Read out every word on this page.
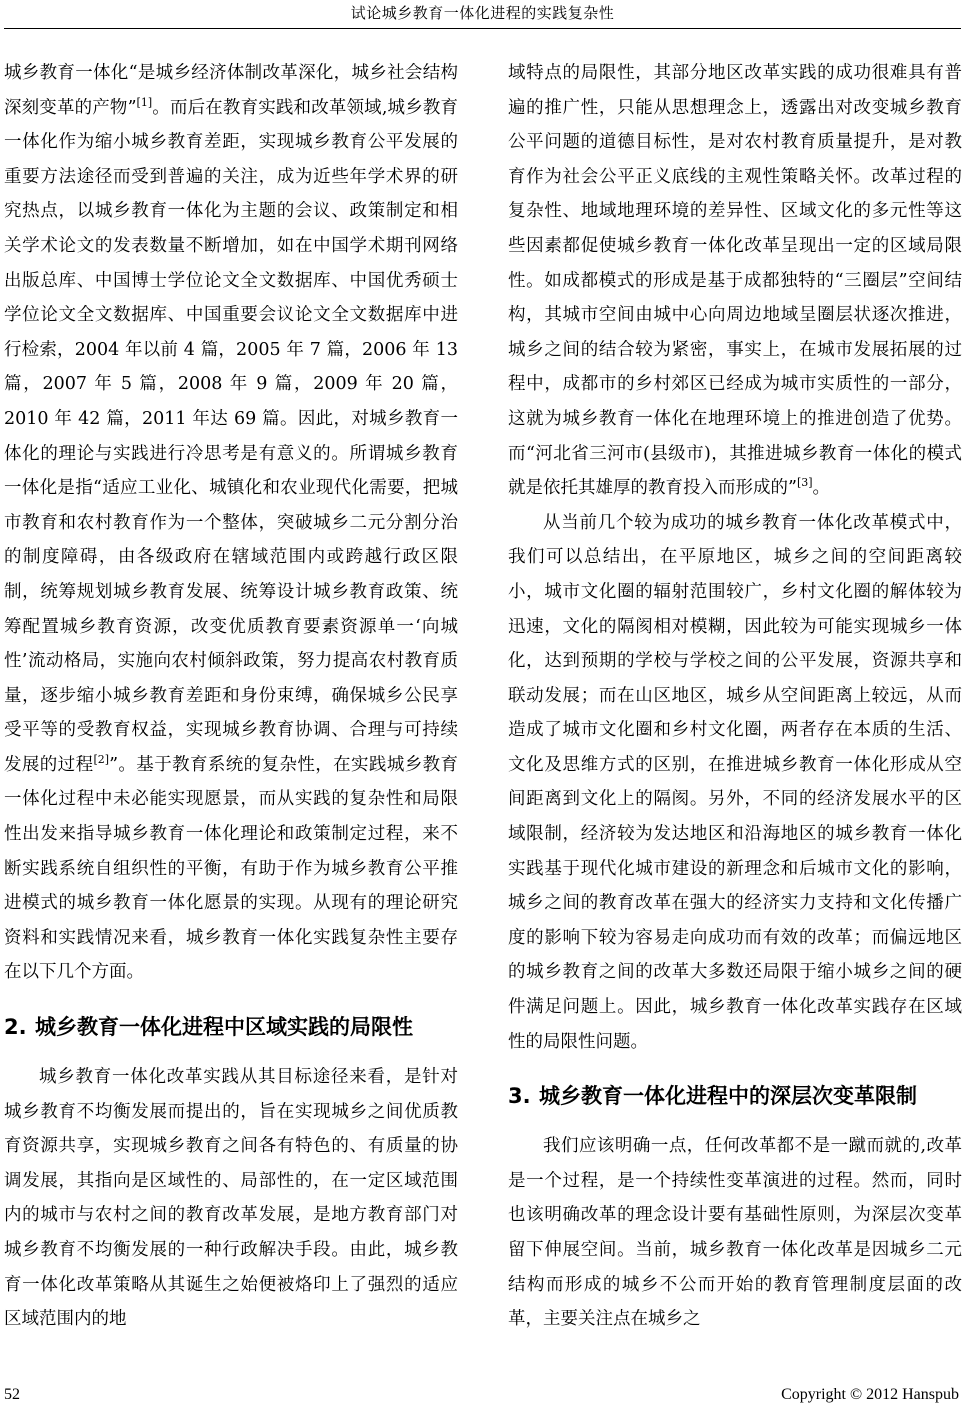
试论城乡教育一体化进程的实践复杂性

城乡教育一体化“是城乡经济体制改革深化，城乡社会结构深刻变革的产物”[1]。而后在教育实践和改革领域,城乡教育一体化作为缩小城乡教育差距，实现城乡教育公平发展的重要方法途径而受到普遍的关注，成为近些年学术界的研究热点，以城乡教育一体化为主题的会议、政策制定和相关学术论文的发表数量不断增加，如在中国学术期刊网络出版总库、中国博士学位论文全文数据库、中国优秀硕士学位论文全文数据库、中国重要会议论文全文数据库中进行检索，2004 年以前 4 篇，2005 年 7 篇，2006 年 13 篇，2007 年 5 篇，2008 年 9 篇，2009 年 20 篇，2010 年 42 篇，2011 年达 69 篇。因此，对城乡教育一体化的理论与实践进行冷思考是有意义的。所谓城乡教育一体化是指“适应工业化、城镇化和农业现代化需要，把城市教育和农村教育作为一个整体，突破城乡二元分割分治的制度障碍，由各级政府在辖域范围内或跨越行政区限制，统筹规划城乡教育发展、统筹设计城乡教育政策、统筹配置城乡教育资源，改变优质教育要素资源单一‘向城性’流动格局，实施向农村倾斜政策，努力提高农村教育质量，逐步缩小城乡教育差距和身份束缚，确保城乡公民享受平等的受教育权益，实现城乡教育协调、合理与可持续发展的过程[2]”。基于教育系统的复杂性，在实践城乡教育一体化过程中未必能实现愿景，而从实践的复杂性和局限性出发来指导城乡教育一体化理论和政策制定过程，来不断实践系统自组织性的平衡，有助于作为城乡教育公平推进模式的城乡教育一体化愿景的实现。从现有的理论研究资料和实践情况来看，城乡教育一体化实践复杂性主要存在以下几个方面。

2. 城乡教育一体化进程中区域实践的局限性

城乡教育一体化改革实践从其目标途径来看，是针对城乡教育不均衡发展而提出的，旨在实现城乡之间优质教育资源共享，实现城乡教育之间各有特色的、有质量的协调发展，其指向是区域性的、局部性的，在一定区域范围内的城市与农村之间的教育改革发展，是地方教育部门对城乡教育不均衡发展的一种行政解决手段。由此，城乡教育一体化改革策略从其诞生之始便被烙印上了强烈的适应区域范围内的地

域特点的局限性，其部分地区改革实践的成功很难具有普遍的推广性，只能从思想理念上，透露出对改变城乡教育公平问题的道德目标性，是对农村教育质量提升，是对教育作为社会公平正义底线的主观性策略关怀。改革过程的复杂性、地域地理环境的差异性、区域文化的多元性等这些因素都促使城乡教育一体化改革呈现出一定的区域局限性。如成都模式的形成是基于成都独特的“三圈层”空间结构，其城市空间由城中心向周边地域呈圈层状逐次推进，城乡之间的结合较为紧密，事实上，在城市发展拓展的过程中，成都市的乡村郊区已经成为城市实质性的一部分，这就为城乡教育一体化在地理环境上的推进创造了优势。而“河北省三河市(县级市)，其推进城乡教育一体化的模式就是依托其雄厚的教育投入而形成的”[3]。

从当前几个较为成功的城乡教育一体化改革模式中，我们可以总结出，在平原地区，城乡之间的空间距离较小，城市文化圈的辐射范围较广，乡村文化圈的解体较为迅速，文化的隔阂相对模糊，因此较为可能实现城乡一体化，达到预期的学校与学校之间的公平发展，资源共享和联动发展；而在山区地区，城乡从空间距离上较远，从而造成了城市文化圈和乡村文化圈，两者存在本质的生活、文化及思维方式的区别，在推进城乡教育一体化形成从空间距离到文化上的隔阂。另外，不同的经济发展水平的区域限制，经济较为发达地区和沿海地区的城乡教育一体化实践基于现代化城市建设的新理念和后城市文化的影响，城乡之间的教育改革在强大的经济实力支持和文化传播广度的影响下较为容易走向成功而有效的改革；而偏远地区的城乡教育之间的改革大多数还局限于缩小城乡之间的硬件满足问题上。因此，城乡教育一体化改革实践存在区域性的局限性问题。

3. 城乡教育一体化进程中的深层次变革限制

我们应该明确一点，任何改革都不是一蹴而就的,改革是一个过程，是一个持续性变革演进的过程。然而，同时也该明确改革的理念设计要有基础性原则，为深层次变革留下伸展空间。当前，城乡教育一体化改革是因城乡二元结构而形成的城乡不公而开始的教育管理制度层面的改革，主要关注点在城乡之

52	Copyright © 2012 Hanspub
